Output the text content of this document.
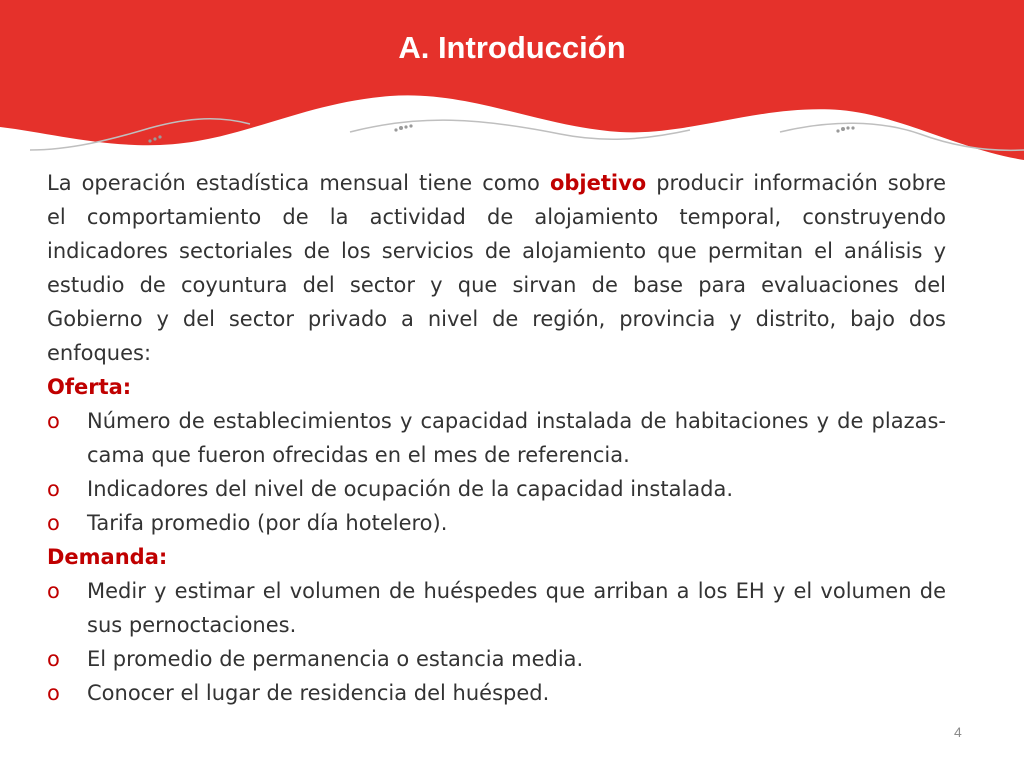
A. Introducción

La operación estadística mensual tiene como objetivo producir información sobre el comportamiento de la actividad de alojamiento temporal, construyendo indicadores sectoriales de los servicios de alojamiento que permitan el análisis y estudio de coyuntura del sector y que sirvan de base para evaluaciones del Gobierno y del sector privado a nivel de región, provincia y distrito, bajo dos enfoques:

Oferta:

o Número de establecimientos y capacidad instalada de habitaciones y de plazas-cama que fueron ofrecidas en el mes de referencia.
o Indicadores del nivel de ocupación de la capacidad instalada.
o Tarifa promedio (por día hotelero).

Demanda:

o Medir y estimar el volumen de huéspedes que arriban a los EH y el volumen de sus pernoctaciones.
o El promedio de permanencia o estancia media.
o Conocer el lugar de residencia del huésped.
4
